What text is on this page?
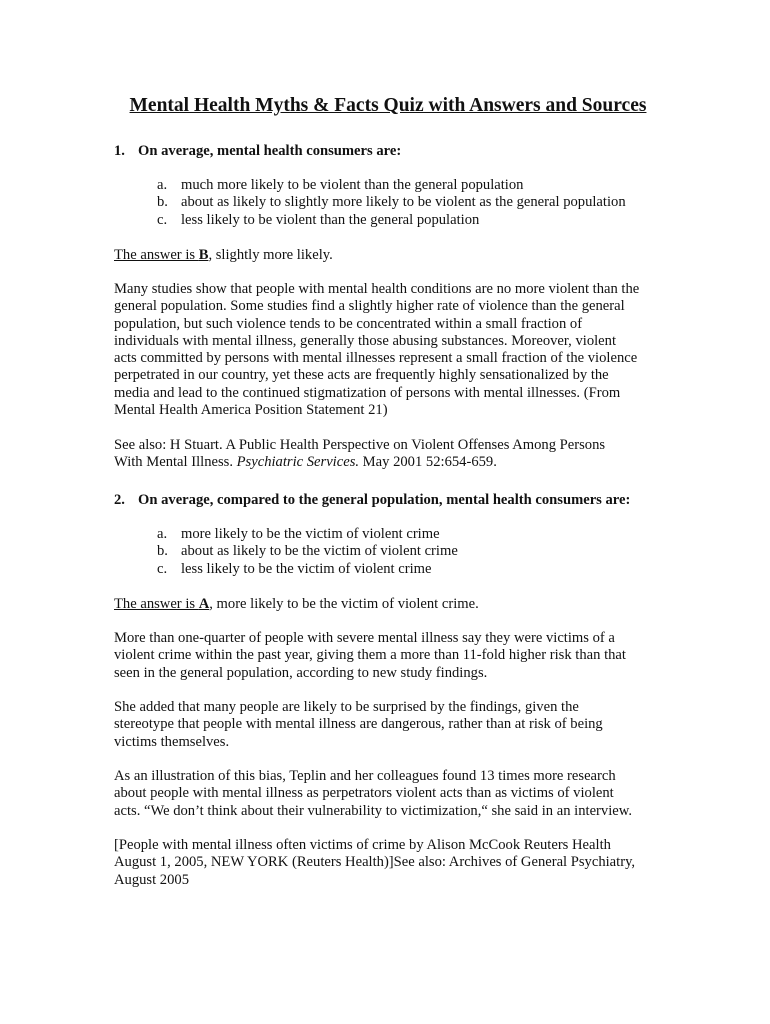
Mental Health Myths & Facts Quiz with Answers and Sources
1. On average, mental health consumers are:
a. much more likely to be violent than the general population
b. about as likely to slightly more likely to be violent as the general population
c. less likely to be violent than the general population

The answer is B, slightly more likely.

Many studies show that people with mental health conditions are no more violent than the
general population. Some studies find a slightly higher rate of violence than the general
population, but such violence tends to be concentrated within a small fraction of
individuals with mental illness, generally those abusing substances. Moreover, violent
acts committed by persons with mental illnesses represent a small fraction of the violence
perpetrated in our country, yet these acts are frequently highly sensationalized by the
media and lead to the continued stigmatization of persons with mental illnesses. (From
Mental Health America Position Statement 21)
See also: H Stuart. A Public Health Perspective on Violent Offenses Among Persons
With Mental Illness. Psychiatric Services. May 2001 52:654-659.
2. On average, compared to the general population, mental health consumers are:
a. more likely to be the victim of violent crime
b. about as likely to be the victim of violent crime
c. less likely to be the victim of violent crime

The answer is A, more likely to be the victim of violent crime.

More than one-quarter of people with severe mental illness say they were victims of a
violent crime within the past year, giving them a more than 11-fold higher risk than that
seen in the general population, according to new study findings.
She added that many people are likely to be surprised by the findings, given the
stereotype that people with mental illness are dangerous, rather than at risk of being
victims themselves.
As an illustration of this bias, Teplin and her colleagues found 13 times more research
about people with mental illness as perpetrators violent acts than as victims of violent
acts. “We don’t think about their vulnerability to victimization,“ she said in an interview.
[People with mental illness often victims of crime by Alison McCook Reuters Health
August 1, 2005, NEW YORK (Reuters Health)]See also: Archives of General Psychiatry,
August 2005
